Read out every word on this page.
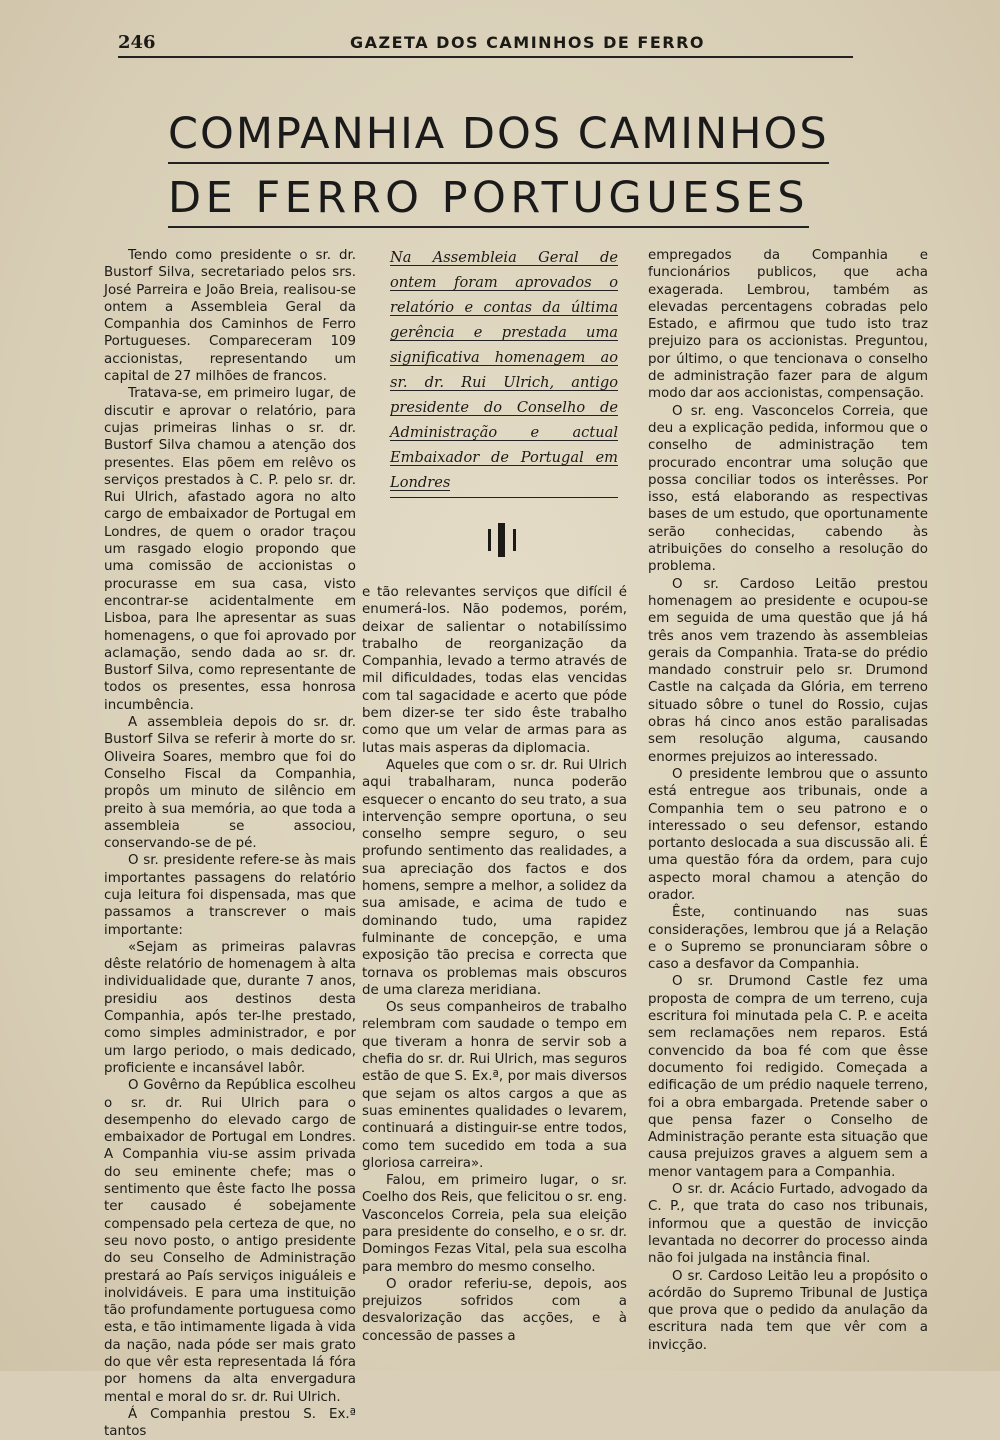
246	GAZETA DOS CAMINHOS DE FERRO
COMPANHIA DOS CAMINHOS
DE FERRO PORTUGUESES

Tendo como presidente o sr. dr. Bustorf Silva, secretariado pelos srs. José Parreira e João Breia, realisou-se ontem a Assembleia Geral da Companhia dos Caminhos de Ferro Portugueses. Compareceram 109 accionistas, representando um capital de 27 milhões de francos.

Tratava-se, em primeiro lugar, de discutir e aprovar o relatório, para cujas primeiras linhas o sr. dr. Bustorf Silva chamou a atenção dos presentes. Elas põem em relêvo os serviços prestados à C. P. pelo sr. dr. Rui Ulrich, afastado agora no alto cargo de embaixador de Portugal em Londres, de quem o orador traçou um rasgado elogio propondo que uma comissão de accionistas o procurasse em sua casa, visto encontrar-se acidentalmente em Lisboa, para lhe apresentar as suas homenagens, o que foi aprovado por aclamação, sendo dada ao sr. dr. Bustorf Silva, como representante de todos os presentes, essa honrosa incumbência.

A assembleia depois do sr. dr. Bustorf Silva se referir à morte do sr. Oliveira Soares, membro que foi do Conselho Fiscal da Companhia, propôs um minuto de silêncio em preito à sua memória, ao que toda a assembleia se associou, conservando-se de pé.

O sr. presidente refere-se às mais importantes passagens do relatório cuja leitura foi dispensada, mas que passamos a transcrever o mais importante:

«Sejam as primeiras palavras dêste relatório de homenagem à alta individualidade que, durante 7 anos, presidiu aos destinos desta Companhia, após ter-lhe prestado, como simples administrador, e por um largo periodo, o mais dedicado, proficiente e incansável labôr.

O Govêrno da República escolheu o sr. dr. Rui Ulrich para o desempenho do elevado cargo de embaixador de Portugal em Londres. A Companhia viu-se assim privada do seu eminente chefe; mas o sentimento que êste facto lhe possa ter causado é sobejamente compensado pela certeza de que, no seu novo posto, o antigo presidente do seu Conselho de Administração prestará ao País serviços iniguáleis e inolvidáveis. E para uma instituição tão profundamente portuguesa como esta, e tão intimamente ligada à vida da nação, nada póde ser mais grato do que vêr esta representada lá fóra por homens da alta envergadura mental e moral do sr. dr. Rui Ulrich.

Á Companhia prestou S. Ex.ª tantos

Na Assembleia Geral de ontem foram aprovados o relatório e contas da última gerência e prestada uma significativa homenagem ao sr. dr. Rui Ulrich, antigo presidente do Conselho de Administração e actual Embaixador de Portugal em Londres

e tão relevantes serviços que difícil é enumerá-los. Não podemos, porém, deixar de salientar o notabilíssimo trabalho de reorganização da Companhia, levado a termo através de mil dificuldades, todas elas vencidas com tal sagacidade e acerto que póde bem dizer-se ter sido êste trabalho como que um velar de armas para as lutas mais asperas da diplomacia.

Aqueles que com o sr. dr. Rui Ulrich aqui trabalharam, nunca poderão esquecer o encanto do seu trato, a sua intervenção sempre oportuna, o seu conselho sempre seguro, o seu profundo sentimento das realidades, a sua apreciação dos factos e dos homens, sempre a melhor, a solidez da sua amisade, e acima de tudo e dominando tudo, uma rapidez fulminante de concepção, e uma exposição tão precisa e correcta que tornava os problemas mais obscuros de uma clareza meridiana.

Os seus companheiros de trabalho relembram com saudade o tempo em que tiveram a honra de servir sob a chefia do sr. dr. Rui Ulrich, mas seguros estão de que S. Ex.ª, por mais diversos que sejam os altos cargos a que as suas eminentes qualidades o levarem, continuará a distinguir-se entre todos, como tem sucedido em toda a sua gloriosa carreira».

Falou, em primeiro lugar, o sr. Coelho dos Reis, que felicitou o sr. eng. Vasconcelos Correia, pela sua eleição para presidente do conselho, e o sr. dr. Domingos Fezas Vital, pela sua escolha para membro do mesmo conselho.

O orador referiu-se, depois, aos prejuizos sofridos com a desvalorização das acções, e à concessão de passes a

empregados da Companhia e funcionários publicos, que acha exagerada. Lembrou, também as elevadas percentagens cobradas pelo Estado, e afirmou que tudo isto traz prejuizo para os accionistas. Preguntou, por último, o que tencionava o conselho de administração fazer para de algum modo dar aos accionistas, compensação.

O sr. eng. Vasconcelos Correia, que deu a explicação pedida, informou que o conselho de administração tem procurado encontrar uma solução que possa conciliar todos os interêsses. Por isso, está elaborando as respectivas bases de um estudo, que oportunamente serão conhecidas, cabendo às atribuições do conselho a resolução do problema.

O sr. Cardoso Leitão prestou homenagem ao presidente e ocupou-se em seguida de uma questão que já há três anos vem trazendo às assembleias gerais da Companhia. Trata-se do prédio mandado construir pelo sr. Drumond Castle na calçada da Glória, em terreno situado sôbre o tunel do Rossio, cujas obras há cinco anos estão paralisadas sem resolução alguma, causando enormes prejuizos ao interessado.

O presidente lembrou que o assunto está entregue aos tribunais, onde a Companhia tem o seu patrono e o interessado o seu defensor, estando portanto deslocada a sua discussão ali. É uma questão fóra da ordem, para cujo aspecto moral chamou a atenção do orador.

Êste, continuando nas suas considerações, lembrou que já a Relação e o Supremo se pronunciaram sôbre o caso a desfavor da Companhia.

O sr. Drumond Castle fez uma proposta de compra de um terreno, cuja escritura foi minutada pela C. P. e aceita sem reclamações nem reparos. Está convencido da boa fé com que êsse documento foi redigido. Começada a edificação de um prédio naquele terreno, foi a obra embargada. Pretende saber o que pensa fazer o Conselho de Administração perante esta situação que causa prejuizos graves a alguem sem a menor vantagem para a Companhia.

O sr. dr. Acácio Furtado, advogado da C. P., que trata do caso nos tribunais, informou que a questão de invicção levantada no decorrer do processo ainda não foi julgada na instância final.

O sr. Cardoso Leitão leu a propósito o acórdão do Supremo Tribunal de Justiça que prova que o pedido da anulação da escritura nada tem que vêr com a invicção.
